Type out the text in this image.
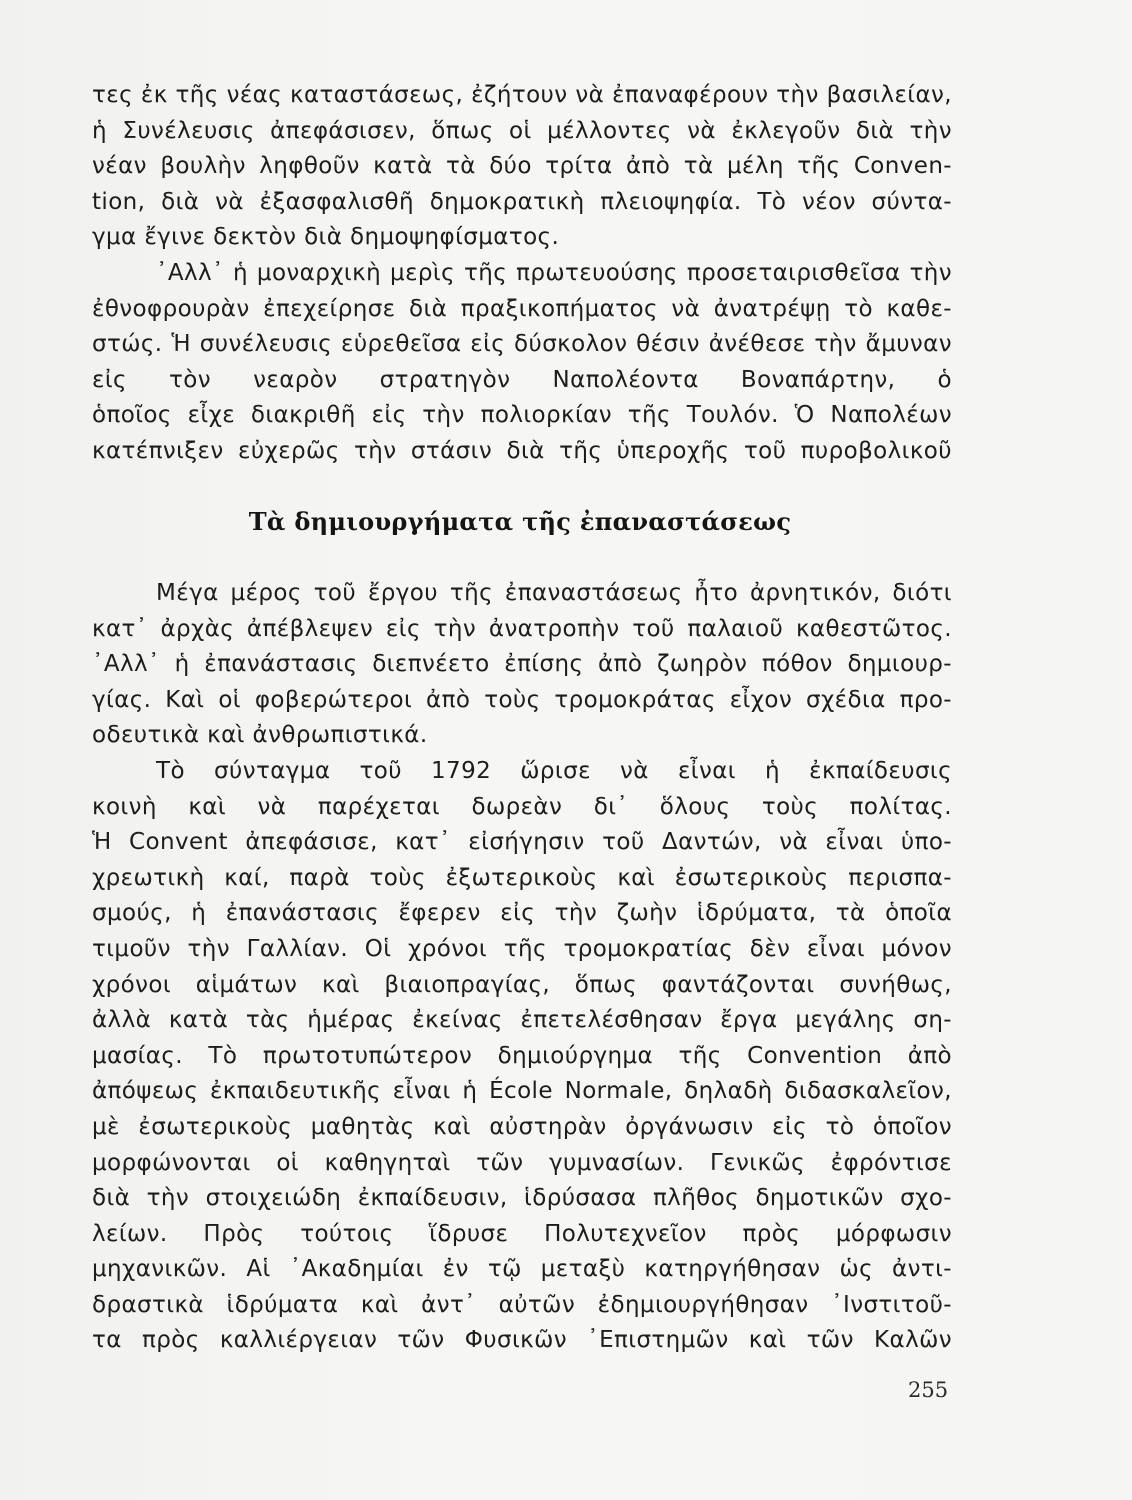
τες ἐκ τῆς νέας καταστάσεως, ἐζήτουν νὰ ἐπαναφέρουν τὴν βασιλείαν,
ἡ Συνέλευσις ἀπεφάσισεν, ὅπως οἱ μέλλοντες νὰ ἐκλεγοῦν διὰ τὴν
νέαν βουλὴν ληφθοῦν κατὰ τὰ δύο τρίτα ἀπὸ τὰ μέλη τῆς Conven-
tion, διὰ νὰ ἐξασφαλισθῆ δημοκρατικὴ πλειοψηφία. Τὸ νέον σύντα-
γμα ἔγινε δεκτὸν διὰ δημοψηφίσματος.
᾿Αλλ᾿ ἡ μοναρχικὴ μερὶς τῆς πρωτευούσης προσεταιρισθεῖσα τὴν
ἐθνοφρουρὰν ἐπεχείρησε διὰ πραξικοπήματος νὰ ἀνατρέψῃ τὸ καθε-
στώς. Ἡ συνέλευσις εὑρεθεῖσα εἰς δύσκολον θέσιν ἀνέθεσε τὴν ἄμυναν
εἰς τὸν νεαρὸν στρατηγὸν Ναπολέοντα Βοναπάρτην, ὁ
ὁποῖος εἶχε διακριθῆ εἰς τὴν πολιορκίαν τῆς Τουλόν. Ὁ Ναπολέων
κατέπνιξεν εὐχερῶς τὴν στάσιν διὰ τῆς ὑπεροχῆς τοῦ πυροβολικοῦ
Τὰ δημιουργήματα τῆς ἐπαναστάσεως
Μέγα μέρος τοῦ ἔργου τῆς ἐπαναστάσεως ἦτο ἀρνητικόν, διότι
κατ᾿ ἀρχὰς ἀπέβλεψεν εἰς τὴν ἀνατροπὴν τοῦ παλαιοῦ καθεστῶτος.
᾿Αλλ᾿ ἡ ἐπανάστασις διεπνέετο ἐπίσης ἀπὸ ζωηρὸν πόθον δημιουρ-
γίας. Καὶ οἱ φοβερώτεροι ἀπὸ τοὺς τρομοκράτας εἶχον σχέδια προ-
οδευτικὰ καὶ ἀνθρωπιστικά.
Τὸ σύνταγμα τοῦ 1792 ὥρισε νὰ εἶναι ἡ ἐκπαίδευσις
κοινὴ καὶ νὰ παρέχεται δωρεὰν δι᾿ ὅλους τοὺς πολίτας.
Ἡ Convent ἀπεφάσισε, κατ᾿ εἰσήγησιν τοῦ Δαντών, νὰ εἶναι ὑπο-
χρεωτικὴ καί, παρὰ τοὺς ἐξωτερικοὺς καὶ ἐσωτερικοὺς περισπα-
σμούς, ἡ ἐπανάστασις ἔφερεν εἰς τὴν ζωὴν ἱδρύματα, τὰ ὁποῖα
τιμοῦν τὴν Γαλλίαν. Οἱ χρόνοι τῆς τρομοκρατίας δὲν εἶναι μόνον
χρόνοι αἱμάτων καὶ βιαιοπραγίας, ὅπως φαντάζονται συνήθως,
ἀλλὰ κατὰ τὰς ἡμέρας ἐκείνας ἐπετελέσθησαν ἔργα μεγάλης ση-
μασίας. Τὸ πρωτοτυπώτερον δημιούργημα τῆς Convention ἀπὸ
ἀπόψεως ἐκπαιδευτικῆς εἶναι ἡ École Normale, δηλαδὴ διδασκαλεῖον,
μὲ ἐσωτερικοὺς μαθητὰς καὶ αὐστηρὰν ὀργάνωσιν εἰς τὸ ὁποῖον
μορφώνονται οἱ καθηγηταὶ τῶν γυμνασίων. Γενικῶς ἐφρόντισε
διὰ τὴν στοιχειώδη ἐκπαίδευσιν, ἱδρύσασα πλῆθος δημοτικῶν σχο-
λείων. Πρὸς τούτοις ἵδρυσε Πολυτεχνεῖον πρὸς μόρφωσιν
μηχανικῶν. Αἱ ᾿Ακαδημίαι ἐν τῷ μεταξὺ κατηργήθησαν ὡς ἀντι-
δραστικὰ ἱδρύματα καὶ ἀντ᾿ αὐτῶν ἐδημιουργήθησαν ᾿Ινστιτοῦ-
τα πρὸς καλλιέργειαν τῶν Φυσικῶν ᾿Επιστημῶν καὶ τῶν Καλῶν
255
